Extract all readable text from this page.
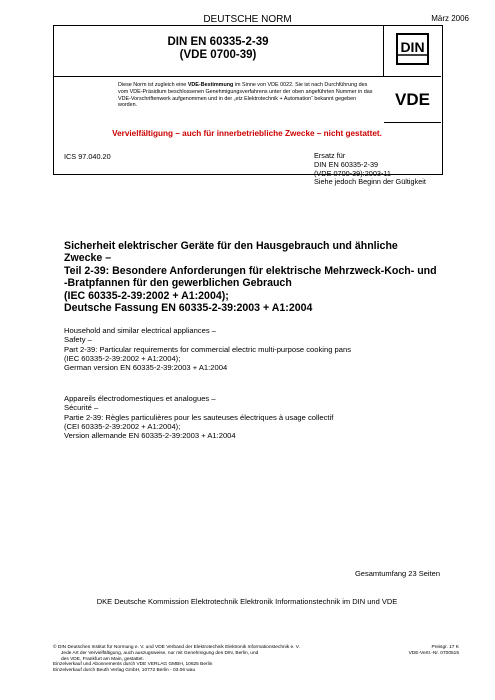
DEUTSCHE NORM	März 2006
DIN EN 60335-2-39
(VDE 0700-39)	DIN
VDE
Diese Norm ist zugleich eine VDE-Bestimmung im Sinne von VDE 0022. Sie ist nach Durchführung des vom VDE-Präsidium beschlossenen Genehmigungsverfahrens unter der oben angeführten Nummer in das VDE-Vorschriftenwerk aufgenommen und in der „etz Elektrotechnik + Automation“ bekannt gegeben worden.
Vervielfältigung – auch für innerbetriebliche Zwecke – nicht gestattet.
ICS 97.040.20	Ersatz für
DIN EN 60335-2-39
(VDE 0700-39):2003-11
Siehe jedoch Beginn der Gültigkeit
Sicherheit elektrischer Geräte für den Hausgebrauch und ähnliche
Zwecke –
Teil 2-39: Besondere Anforderungen für elektrische Mehrzweck-Koch- und
-Bratpfannen für den gewerblichen Gebrauch
(IEC 60335-2-39:2002 + A1:2004);
Deutsche Fassung EN 60335-2-39:2003 + A1:2004
Household and similar electrical appliances –
Safety –
Part 2-39: Particular requirements for commercial electric multi-purpose cooking pans
(IEC 60335-2-39:2002 + A1:2004);
German version EN 60335-2-39:2003 + A1:2004
Appareils électrodomestiques et analogues –
Sécurité –
Partie 2-39: Règles particulières pour les sauteuses électriques à usage collectif
(CEI 60335-2-39:2002 + A1:2004);
Version allemande EN 60335-2-39:2003 + A1:2004
Gesamtumfang 23 Seiten
DKE Deutsche Kommission Elektrotechnik Elektronik Informationstechnik im DIN und VDE
© DIN Deutsches Institut für Normung e. V. und VDE Verband der Elektrotechnik Elektronik Informationstechnik e. V.
Jede Art der Vervielfältigung, auch auszugsweise, nur mit Genehmigung des DIN, Berlin, und
des VDE, Frankfurt am Main, gestattet.
Einzelverkauf und Abonnements durch VDE VERLAG GMBH, 10625 Berlin
Einzelverkauf durch Beuth Verlag GmbH, 10772 Berlin - 03.06 wau
Preisgr. 17 K
VDE-Vertr.-Nr. 0700515
